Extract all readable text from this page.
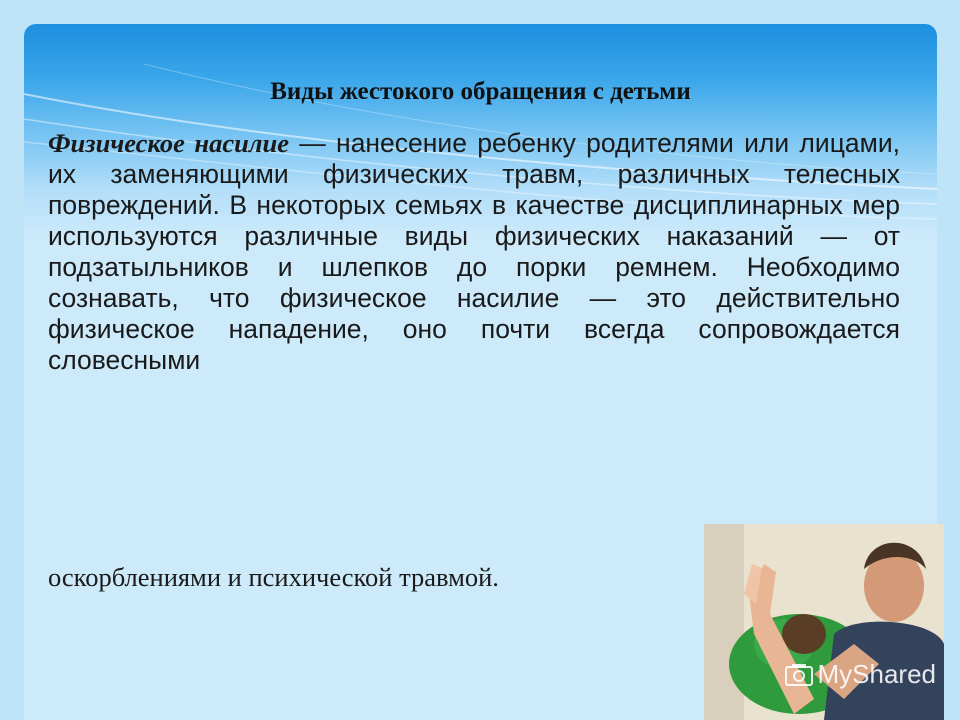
Виды жестокого обращения с детьми

Физическое насилие — нанесение ребенку родителями или лицами, их заменяющими физических травм, различных телесных повреждений. В некоторых семьях в качестве дисциплинарных мер используются различные виды физических наказаний — от подзатыльников и шлепков до порки ремнем. Необходимо сознавать, что физическое насилие — это действительно физическое нападение, оно почти всегда сопровождается словесными

оскорблениями и психической травмой.

MyShared
